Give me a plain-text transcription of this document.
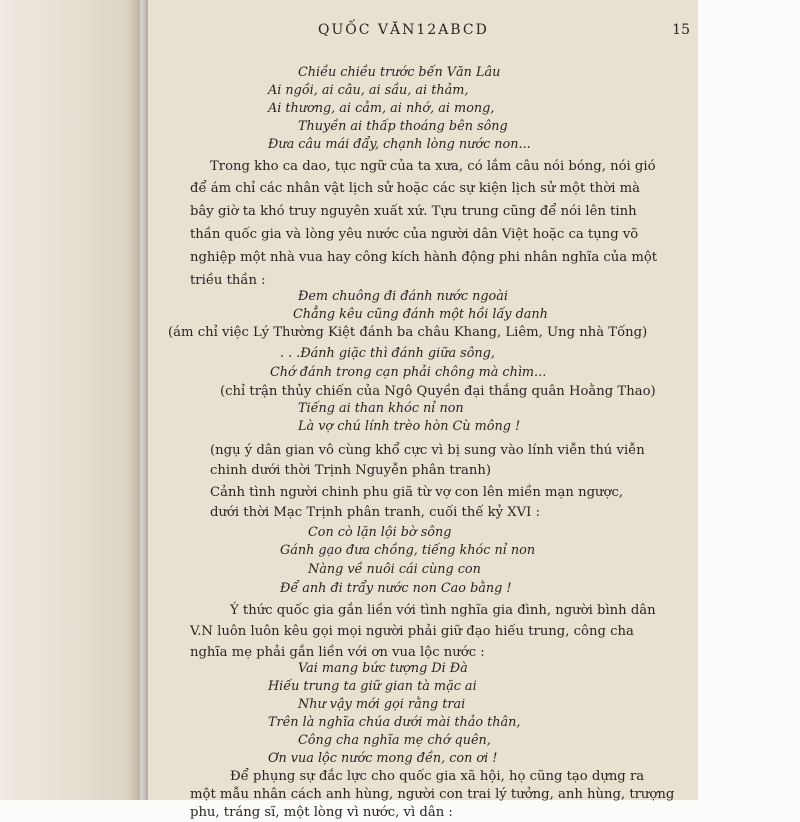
QUỐC VĂN12ABCD	15
Chiều chiều trước bến Văn Lâu
Ai ngồi, ai câu, ai sầu, ai thảm,
Ai thương, ai cảm, ai nhớ, ai mong,
Thuyền ai thấp thoáng bên sông
Đưa câu mái đẩy, chạnh lòng nước non...
Trong kho ca dao, tục ngữ của ta xưa, có lắm câu nói bóng, nói gió
để ám chỉ các nhân vật lịch sử hoặc các sự kiện lịch sử một thời mà
bây giờ ta khó truy nguyên xuất xứ. Tựu trung cũng để nói lên tinh
thần quốc gia và lòng yêu nước của người dân Việt hoặc ca tụng võ
nghiệp một nhà vua hay công kích hành động phi nhân nghĩa của một
triều thần :
Đem chuông đi đánh nước ngoài
Chẳng kêu cũng đánh một hồi lấy danh
(ám chỉ việc Lý Thường Kiệt đánh ba châu Khang, Liêm, Ung nhà Tống)
. . .Đánh giặc thì đánh giữa sông,
Chớ đánh trong cạn phải chông mà chìm...
(chỉ trận thủy chiến của Ngô Quyền đại thắng quân Hoằng Thao)
Tiếng ai than khóc nỉ non
Là vợ chú lính trèo hòn Cù mông !
(ngụ ý dân gian vô cùng khổ cực vì bị sung vào lính viễn thú viễn
chinh dưới thời Trịnh Nguyễn phân tranh)
Cảnh tình người chinh phu giã từ vợ con lên miền mạn ngược,
dưới thời Mạc Trịnh phân tranh, cuối thế kỷ XVI :
Con cò lặn lội bờ sông
Gánh gạo đưa chồng, tiếng khóc nỉ non
Nàng về nuôi cái cùng con
Để anh đi trẩy nước non Cao bằng !
Ý thức quốc gia gắn liền với tình nghĩa gia đình, người bình dân
V.N luôn luôn kêu gọi mọi người phải giữ đạo hiếu trung, công cha
nghĩa mẹ phải gắn liền với ơn vua lộc nước :
Vai mang bức tượng Di Đà
Hiếu trung ta giữ gian tà mặc ai
Như vậy mới gọi rằng trai
Trên là nghĩa chúa dưới mài thảo thân,
Công cha nghĩa mẹ chớ quên,
Ơn vua lộc nước mong đền, con ơi !
Để phụng sự đắc lực cho quốc gia xã hội, họ cũng tạo dựng ra
một mẫu nhân cách anh hùng, người con trai lý tưởng, anh hùng, trượng
phu, tráng sĩ, một lòng vì nước, vì dân :
